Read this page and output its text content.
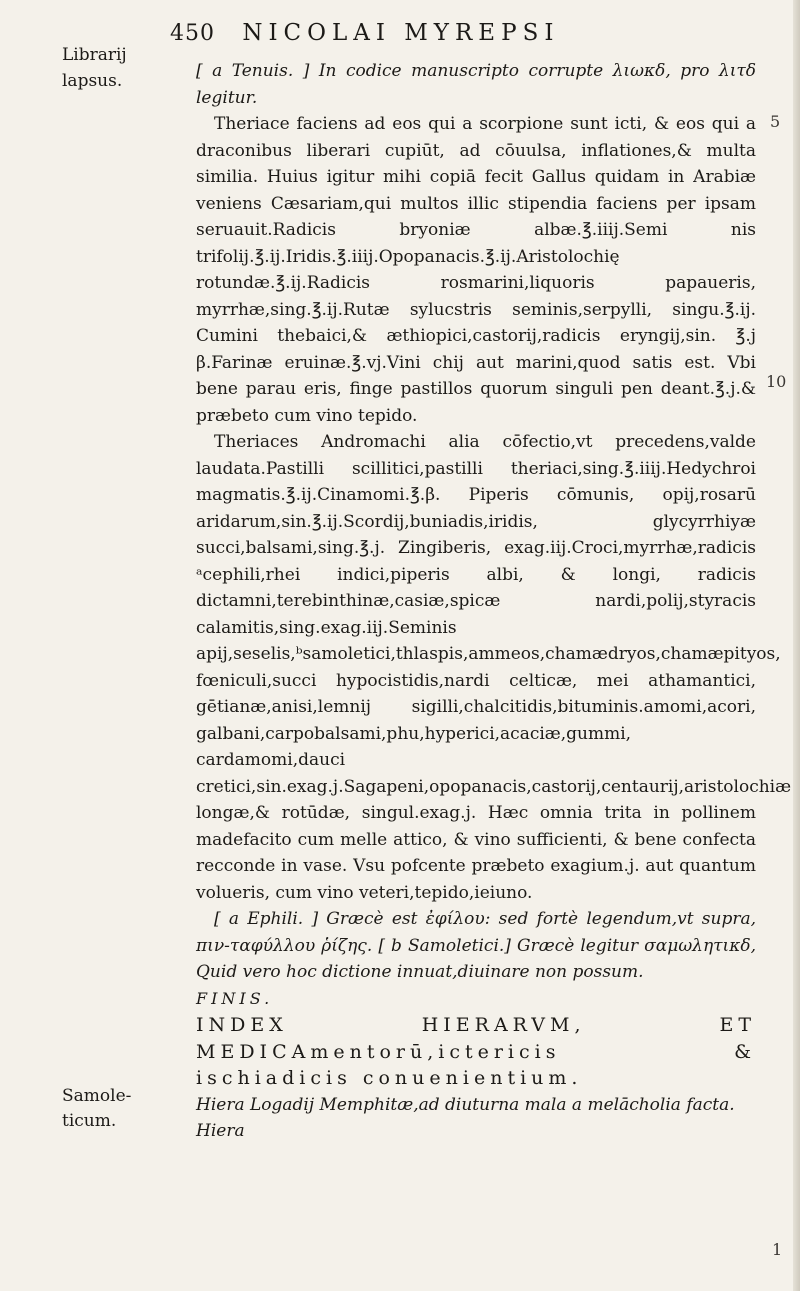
450 NICOLAI MYREPSI
Librarij
lapsus.
Samole-
ticum.
5
10
1

[ a Tenuis. ] In codice manuscripto corrupte λιωκδ, pro λιτδ legitur.

Theriace faciens ad eos qui a scorpione sunt icti, & eos qui a draconibus liberari cupiūt, ad cōuulsa, inflationes,& multa similia. Huius igitur mihi copiā fecit Gallus quidam in Arabiæ veniens Cæsariam,qui multos illic stipendia faciens per ipsam seruauit.Radicis bryoniæ albæ.℥.iiij.Semi nis trifolij.℥.ij.Iridis.℥.iiij.Opopanacis.℥.ij.Aristolochię rotundæ.℥.ij.Radicis rosmarini,liquoris papaueris, myrrhæ,sing.℥.ij.Rutæ sylucstris seminis,serpylli, singu.℥.ij. Cumini thebaici,& æthiopici,castorij,radicis eryngij,sin. ℥.j β.Farinæ eruinæ.℥.vj.Vini chij aut marini,quod satis est. Vbi bene parau eris, finge pastillos quorum singuli pen deant.℥.j.& præbeto cum vino tepido.

Theriaces Andromachi alia cōfectio,vt precedens,valde laudata.Pastilli scillitici,pastilli theriaci,sing.℥.iiij.Hedychroi magmatis.℥.ij.Cinamomi.℥.β. Piperis cōmunis, opij,rosarū aridarum,sin.℥.ij.Scordij,buniadis,iridis, glycyrrhiyæ succi,balsami,sing.℥.j. Zingiberis, exag.iij.Croci,myrrhæ,radicis ᵃcephili,rhei indici,piperis albi, & longi, radicis dictamni,terebinthinæ,casiæ,spicæ nardi,polij,styracis calamitis,sing.exag.iij.Seminis apij,seselis,ᵇsamoletici,thlaspis,ammeos,chamædryos,chamæpityos, fœniculi,succi hypocistidis,nardi celticæ, mei athamantici, gētianæ,anisi,lemnij sigilli,chalcitidis,bituminis.amomi,acori, galbani,carpobalsami,phu,hyperici,acaciæ,gummi, cardamomi,dauci cretici,sin.exag.j.Sagapeni,opopanacis,castorij,centaurij,aristolochiæ longæ,& rotūdæ, singul.exag.j. Hæc omnia trita in pollinem madefacito cum melle attico, & vino sufficienti, & bene confecta recconde in vase. Vsu pofcente præbeto exagium.j. aut quantum volueris, cum vino veteri,tepido,ieiuno.

[ a Ephili. ] Græcè est ἐφίλου: sed fortè legendum,vt supra, πιν-ταφύλλου ῥίζης. [ b Samoletici.] Græcè legitur σαμωλητικδ, Quid vero hoc dictione innuat,diuinare non possum.

FINIS.

INDEX HIERARVM, ET MEDICAmentorū,ictericis & ischiadicis conuenientium.

Hiera Logadij Memphitæ,ad diuturna mala a melācholia facta.

Hiera
